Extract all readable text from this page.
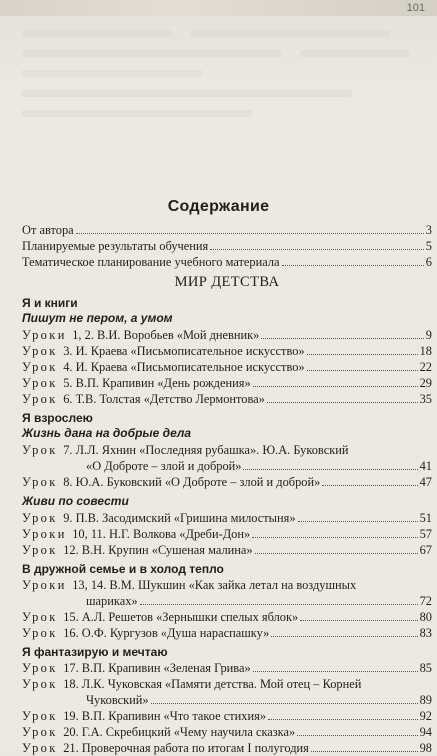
101
Содержание
От автора	3
Планируемые результаты обучения	5
Тематическое планирование учебного материала	6
МИР ДЕТСТВА
Я и книги
Пишут не пером, а умом
Уроки 1, 2. В.И. Воробьев «Мой дневник»	9
Урок 3. И. Краева «Письмописательное искусство»	18
Урок 4. И. Краева «Письмописательное искусство»	22
Урок 5. В.П. Крапивин «День рождения»	29
Урок 6. Т.В. Толстая «Детство Лермонтова»	35
Я взрослею
Жизнь дана на добрые дела
Урок 7. Л.Л. Яхнин «Последняя рубашка». Ю.А. Буковский
«О Доброте – злой и доброй»	41
Урок 8. Ю.А. Буковский «О Доброте – злой и доброй»	47
Живи по совести
Урок 9. П.В. Засодимский «Гришина милостыня»	51
Уроки 10, 11. Н.Г. Волкова «Дреби-Дон»	57
Урок 12. В.Н. Крупин «Сушеная малина»	67
В дружной семье и в холод тепло
Уроки 13, 14. В.М. Шукшин «Как зайка летал на воздушных
шариках»	72
Урок 15. А.Л. Решетов «Зернышки спелых яблок»	80
Урок 16. О.Ф. Кургузов «Душа нараспашку»	83
Я фантазирую и мечтаю
Урок 17. В.П. Крапивин «Зеленая Грива»	85
Урок 18. Л.К. Чуковская «Памяти детства. Мой отец – Корней
Чуковский»	89
Урок 19. В.П. Крапивин «Что такое стихия»	92
Урок 20. Г.А. Скребицкий «Чему научила сказка»	94
Урок 21. Проверочная работа по итогам I полугодия	98
